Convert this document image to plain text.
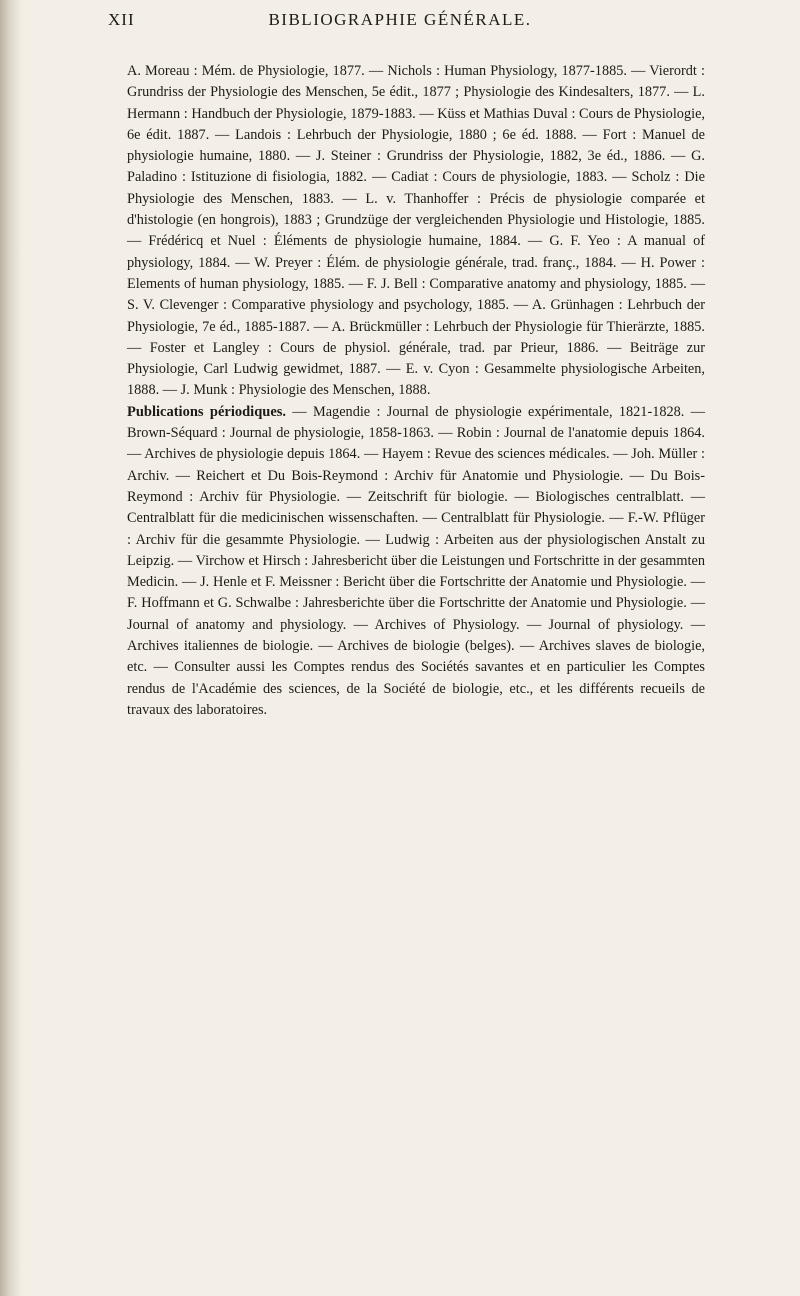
XII	BIBLIOGRAPHIE GÉNÉRALE.

A. Moreau : Mém. de Physiologie, 1877. — Nichols : Human Physiology, 1877-1885. — Vierordt : Grundriss der Physiologie des Menschen, 5e édit., 1877 ; Physiologie des Kindesalters, 1877. — L. Hermann : Handbuch der Physiologie, 1879-1883. — Küss et Mathias Duval : Cours de Physiologie, 6e édit. 1887. — Landois : Lehrbuch der Physiologie, 1880 ; 6e éd. 1888. — Fort : Manuel de physiologie humaine, 1880. — J. Steiner : Grundriss der Physiologie, 1882, 3e éd., 1886. — G. Paladino : Istituzione di fisiologia, 1882. — Cadiat : Cours de physiologie, 1883. — Scholz : Die Physiologie des Menschen, 1883. — L. v. Thanhoffer : Précis de physiologie comparée et d'histologie (en hongrois), 1883 ; Grundzüge der vergleichenden Physiologie und Histologie, 1885. — Frédéricq et Nuel : Éléments de physiologie humaine, 1884. — G. F. Yeo : A manual of physiology, 1884. — W. Preyer : Élém. de physiologie générale, trad. franç., 1884. — H. Power : Elements of human physiology, 1885. — F. J. Bell : Comparative anatomy and physiology, 1885. — S. V. Clevenger : Comparative physiology and psychology, 1885. — A. Grünhagen : Lehrbuch der Physiologie, 7e éd., 1885-1887. — A. Brückmüller : Lehrbuch der Physiologie für Thierärzte, 1885. — Foster et Langley : Cours de physiol. générale, trad. par Prieur, 1886. — Beiträge zur Physiologie, Carl Ludwig gewidmet, 1887. — E. v. Cyon : Gesammelte physiologische Arbeiten, 1888. — J. Munk : Physiologie des Menschen, 1888.

Publications périodiques. — Magendie : Journal de physiologie expérimentale, 1821-1828. — Brown-Séquard : Journal de physiologie, 1858-1863. — Robin : Journal de l'anatomie depuis 1864. — Archives de physiologie depuis 1864. — Hayem : Revue des sciences médicales. — Joh. Müller : Archiv. — Reichert et Du Bois-Reymond : Archiv für Anatomie und Physiologie. — Du Bois-Reymond : Archiv für Physiologie. — Zeitschrift für biologie. — Biologisches centralblatt. — Centralblatt für die medicinischen wissenschaften. — Centralblatt für Physiologie. — F.-W. Pflüger : Archiv für die gesammte Physiologie. — Ludwig : Arbeiten aus der physiologischen Anstalt zu Leipzig. — Virchow et Hirsch : Jahresbericht über die Leistungen und Fortschritte in der gesammten Medicin. — J. Henle et F. Meissner : Bericht über die Fortschritte der Anatomie und Physiologie. — F. Hoffmann et G. Schwalbe : Jahresberichte über die Fortschritte der Anatomie und Physiologie. — Journal of anatomy and physiology. — Archives of Physiology. — Journal of physiology. — Archives italiennes de biologie. — Archives de biologie (belges). — Archives slaves de biologie, etc. — Consulter aussi les Comptes rendus des Sociétés savantes et en particulier les Comptes rendus de l'Académie des sciences, de la Société de biologie, etc., et les différents recueils de travaux des laboratoires.
